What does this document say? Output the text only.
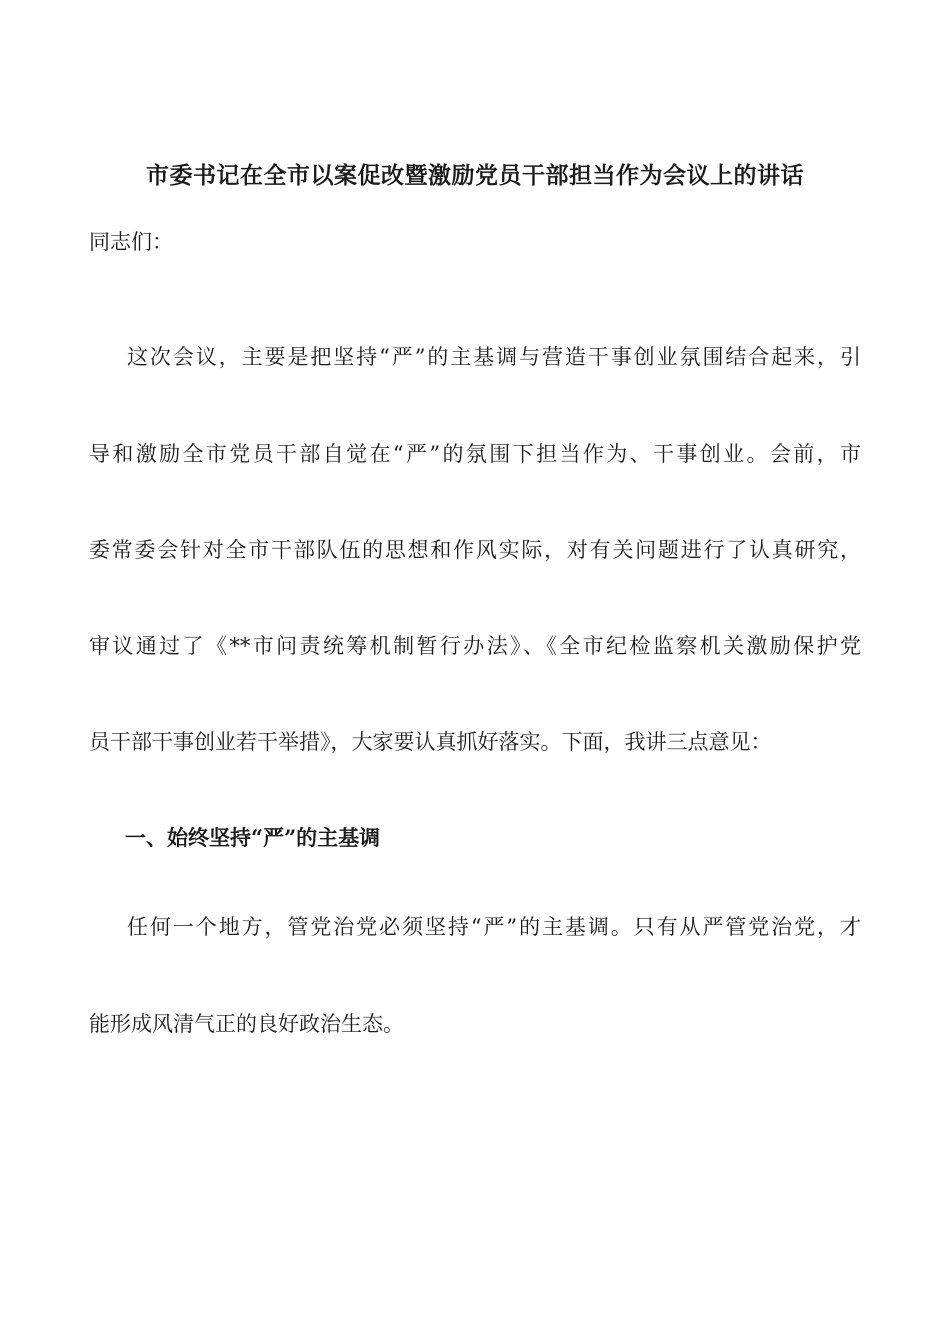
市委书记在全市以案促改暨激励党员干部担当作为会议上的讲话
同志们：
这次会议，主要是把坚持“严”的主基调与营造干事创业氛围结合起来，引
导和激励全市党员干部自觉在“严”的氛围下担当作为、干事创业。会前，市
委常委会针对全市干部队伍的思想和作风实际，对有关问题进行了认真研究，
审议通过了《**市问责统筹机制暂行办法》、《全市纪检监察机关激励保护党
员干部干事创业若干举措》，大家要认真抓好落实。下面，我讲三点意见：
一、始终坚持“严”的主基调
任何一个地方，管党治党必须坚持“严”的主基调。只有从严管党治党，才
能形成风清气正的良好政治生态。
